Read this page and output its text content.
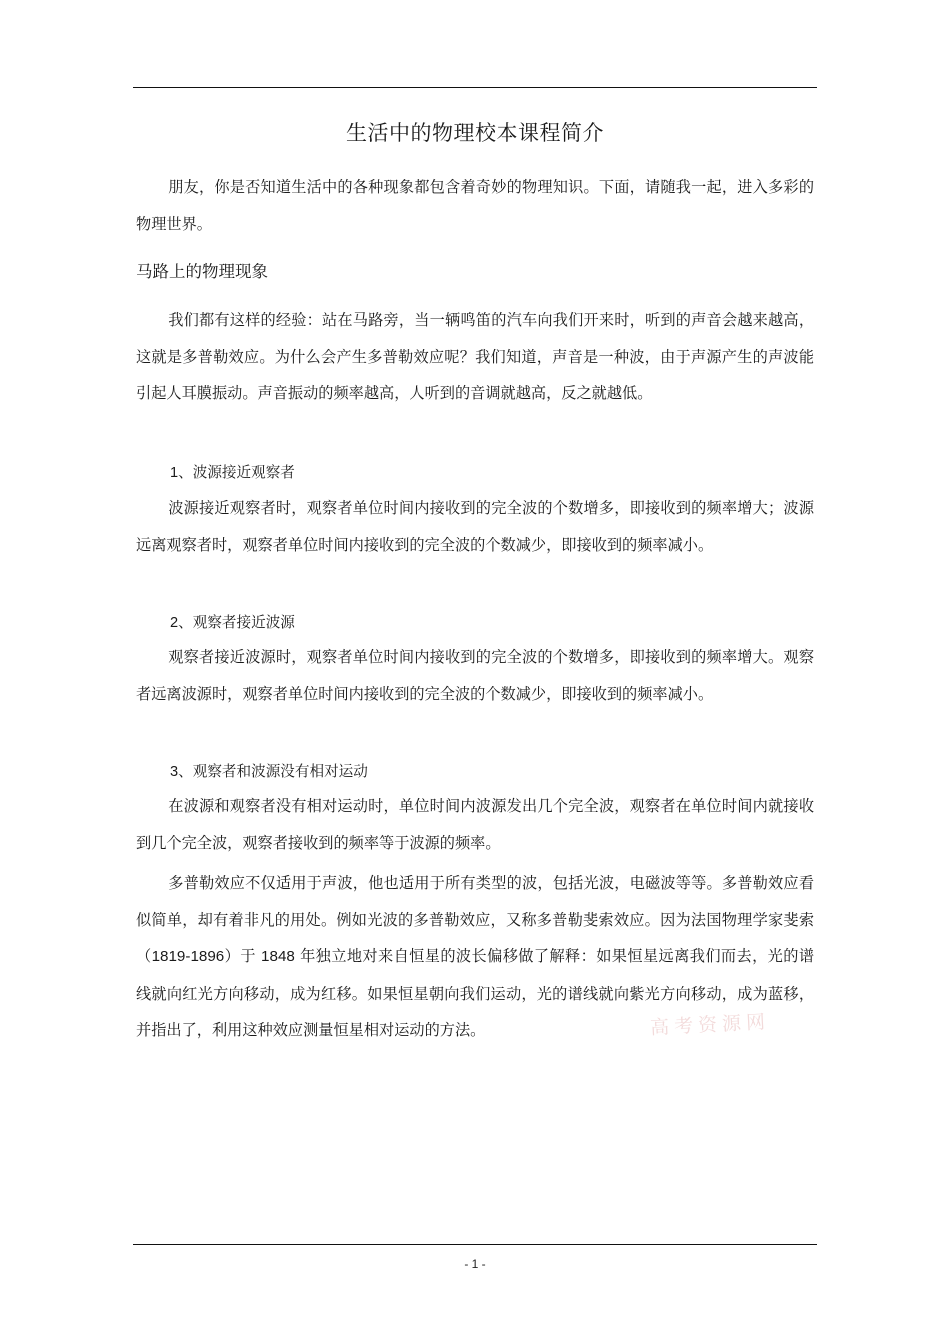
生活中的物理校本课程简介

朋友，你是否知道生活中的各种现象都包含着奇妙的物理知识。下面，请随我一起，进入多彩的物理世界。

马路上的物理现象

我们都有这样的经验：站在马路旁，当一辆鸣笛的汽车向我们开来时，听到的声音会越来越高，这就是多普勒效应。为什么会产生多普勒效应呢？我们知道，声音是一种波，由于声源产生的声波能引起人耳膜振动。声音振动的频率越高，人听到的音调就越高，反之就越低。

1、波源接近观察者

波源接近观察者时，观察者单位时间内接收到的完全波的个数增多，即接收到的频率增大；波源远离观察者时，观察者单位时间内接收到的完全波的个数减少，即接收到的频率减小。

2、观察者接近波源

观察者接近波源时，观察者单位时间内接收到的完全波的个数增多，即接收到的频率增大。观察者远离波源时，观察者单位时间内接收到的完全波的个数减少，即接收到的频率减小。

3、观察者和波源没有相对运动

在波源和观察者没有相对运动时，单位时间内波源发出几个完全波，观察者在单位时间内就接收到几个完全波，观察者接收到的频率等于波源的频率。

高考资源网

多普勒效应不仅适用于声波，他也适用于所有类型的波，包括光波，电磁波等等。多普勒效应看似简单，却有着非凡的用处。例如光波的多普勒效应，又称多普勒斐索效应。因为法国物理学家斐索（1819-1896）于 1848 年独立地对来自恒星的波长偏移做了解释：如果恒星远离我们而去，光的谱线就向红光方向移动，成为红移。如果恒星朝向我们运动，光的谱线就向紫光方向移动，成为蓝移，并指出了，利用这种效应测量恒星相对运动的方法。

- 1 -
